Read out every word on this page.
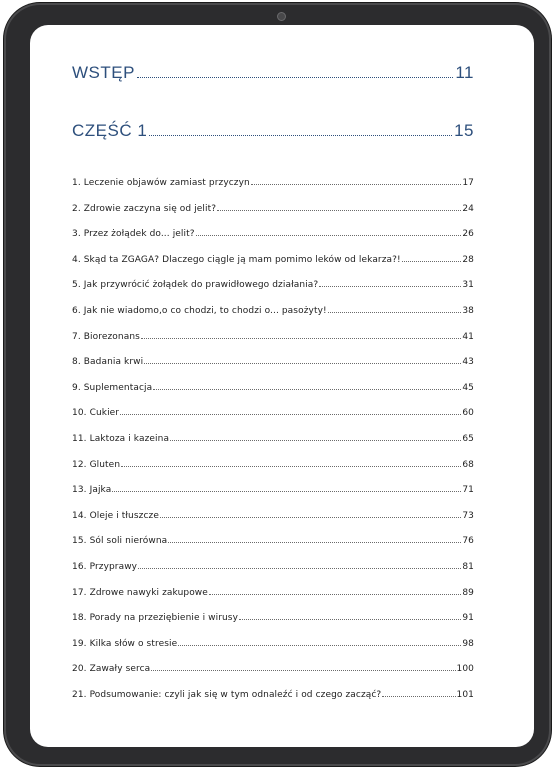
WSTĘP	11
CZĘŚĆ 1	15
1. Leczenie objawów zamiast przyczyn	17
2. Zdrowie zaczyna się od jelit?	24
3. Przez żołądek do... jelit?	26
4. Skąd ta ZGAGA? Dlaczego ciągle ją mam pomimo leków od lekarza?!	28
5. Jak przywrócić żołądek do prawidłowego działania?	31
6. Jak nie wiadomo,o co chodzi, to chodzi o... pasożyty!	38
7. Biorezonans	41
8. Badania krwi	43
9. Suplementacja	45
10. Cukier	60
11. Laktoza i kazeina	65
12. Gluten	68
13. Jajka	71
14. Oleje i tłuszcze	73
15. Sól soli nierówna	76
16. Przyprawy	81
17. Zdrowe nawyki zakupowe	89
18. Porady na przeziębienie i wirusy	91
19. Kilka słów o stresie	98
20. Zawały serca	100
21. Podsumowanie: czyli jak się w tym odnaleźć i od czego zacząć?	101
